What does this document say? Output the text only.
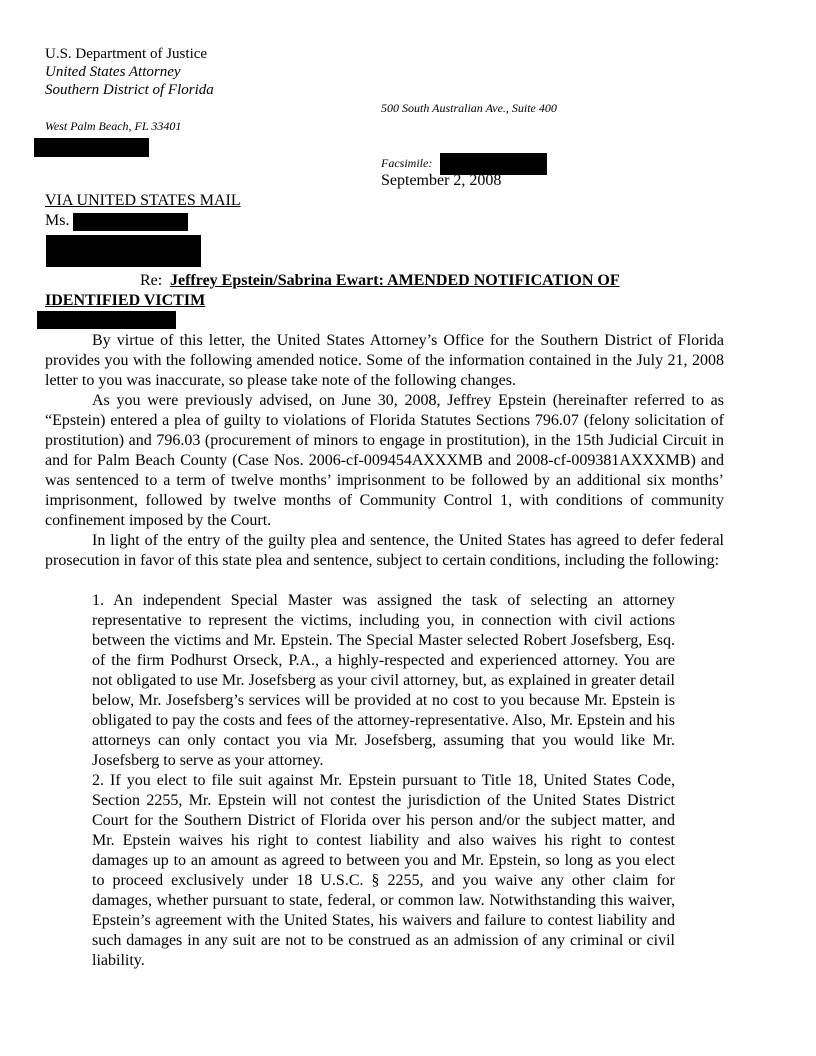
U.S. Department of Justice
United States Attorney
Southern District of Florida
500 South Australian Ave., Suite 400
West Palm Beach, FL 33401
Facsimile:
September 2, 2008
VIA UNITED STATES MAIL
Ms.
Re: Jeffrey Epstein/Sabrina Ewart: AMENDED NOTIFICATION OF
IDENTIFIED VICTIM

By virtue of this letter, the United States Attorney’s Office for the Southern District of Florida provides you with the following amended notice. Some of the information contained in the July 21, 2008 letter to you was inaccurate, so please take note of the following changes.

As you were previously advised, on June 30, 2008, Jeffrey Epstein (hereinafter referred to as “Epstein) entered a plea of guilty to violations of Florida Statutes Sections 796.07 (felony solicitation of prostitution) and 796.03 (procurement of minors to engage in prostitution), in the 15th Judicial Circuit in and for Palm Beach County (Case Nos. 2006-cf-009454AXXXMB and 2008-cf-009381AXXXMB) and was sentenced to a term of twelve months’ imprisonment to be followed by an additional six months’ imprisonment, followed by twelve months of Community Control 1, with conditions of community confinement imposed by the Court.

In light of the entry of the guilty plea and sentence, the United States has agreed to defer federal prosecution in favor of this state plea and sentence, subject to certain conditions, including the following:

1. An independent Special Master was assigned the task of selecting an attorney representative to represent the victims, including you, in connection with civil actions between the victims and Mr. Epstein. The Special Master selected Robert Josefsberg, Esq. of the firm Podhurst Orseck, P.A., a highly-respected and experienced attorney. You are not obligated to use Mr. Josefsberg as your civil attorney, but, as explained in greater detail below, Mr. Josefsberg’s services will be provided at no cost to you because Mr. Epstein is obligated to pay the costs and fees of the attorney-representative. Also, Mr. Epstein and his attorneys can only contact you via Mr. Josefsberg, assuming that you would like Mr. Josefsberg to serve as your attorney.

2. If you elect to file suit against Mr. Epstein pursuant to Title 18, United States Code, Section 2255, Mr. Epstein will not contest the jurisdiction of the United States District Court for the Southern District of Florida over his person and/or the subject matter, and Mr. Epstein waives his right to contest liability and also waives his right to contest damages up to an amount as agreed to between you and Mr. Epstein, so long as you elect to proceed exclusively under 18 U.S.C. § 2255, and you waive any other claim for damages, whether pursuant to state, federal, or common law. Notwithstanding this waiver, Epstein’s agreement with the United States, his waivers and failure to contest liability and such damages in any suit are not to be construed as an admission of any criminal or civil liability.
